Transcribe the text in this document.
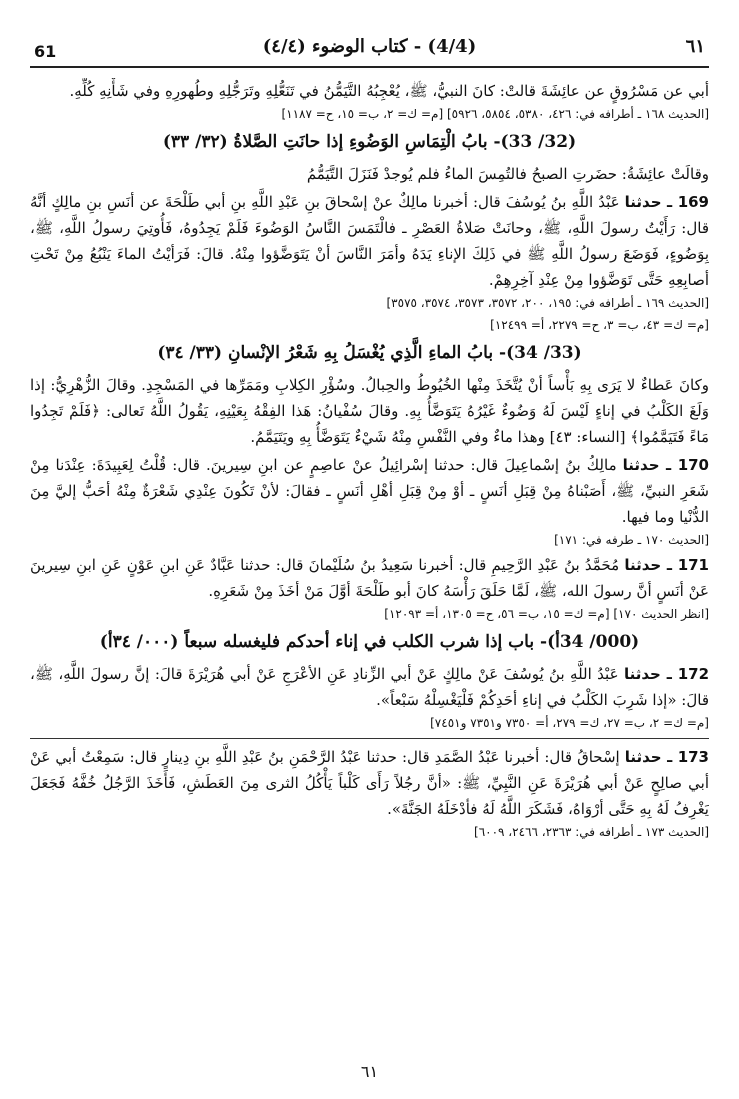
61	(4/4) - كتاب الوضوء (٤/٤)	٦١

أبي عن مَسْرُوقٍ عن عائِشَةَ قالتْ: كانَ النبيُّ، ﷺ، يُعْجِبُهُ التَّيَمُّنُ في تَنَعُّلِهِ وتَرَجُّلِهِ وطُهورِهِ وفي شَأْنِهِ كُلِّهِ.

[الحديث ١٦٨ ـ أطرافه في: ٤٢٦، ٥٣٨٠، ٥٨٥٤، ٥٩٢٦] [م= ك= ٢، ب= ١٥، ح= ١١٨٧]

(32/ 33)- بابُ الْتِمَاسِ الوَضُوءِ إذا حانَتِ الصَّلاةُ (٣٢/ ٣٣)

وقالَتْ عائِشَةُ: حضَرتِ الصبحُ فالتُمِسَ الماءُ فلم يُوجدْ فَنَزَلَ التَّيَمُّمُ

169 ـ حدثنا عَبْدُ اللَّهِ بنُ يُوسُفَ قال: أخبرنا مالِكٌ عنْ إسْحاقَ بنِ عَبْدِ اللَّهِ بنِ أبي طَلْحَةَ عن أنَسِ بنِ مالِكٍ أنَّهُ قال: رَأَيْتُ رسولَ اللَّهِ، ﷺ، وحانَتْ صَلاةُ العَصْرِ ـ فالْتَمَسَ النَّاسُ الوَضُوءَ فَلَمْ يَجِدُوهُ، فَأُوتِيَ رسولُ اللَّهِ، ﷺ، بِوَضُوءٍ، فَوَضَعَ رسولُ اللَّهِ ﷺ في ذَلِكَ الإناءِ يَدَهُ وأمَرَ النَّاسَ أنْ يَتَوَضَّؤوا مِنْهُ. قالَ: فَرَأيْتُ الماءَ يَنْبُعُ مِنْ تَحْتِ أصابِعِهِ حَتَّى تَوَضَّؤوا مِنْ عِنْدِ آخِرِهِمْ.

[الحديث ١٦٩ ـ أطرافه في: ١٩٥، ٢٠٠، ٣٥٧٢، ٣٥٧٣، ٣٥٧٤، ٣٥٧٥]

[م= ك= ٤٣، ب= ٣، ح= ٢٢٧٩، أ= ١٢٤٩٩]

(33/ 34)- بابُ الماءِ الَّذِي يُغْسَلُ بِهِ شَعْرُ الإنْسانِ (٣٣/ ٣٤)

وكانَ عَطاءٌ لا يَرَى بِهِ بَأْساً أنْ يُتَّخَذَ مِنْها الخُيُوطُ والحِبالُ. وسُؤْرِ الكِلابِ ومَمَرِّها في المَسْجِدِ. وقالَ الزُّهْرِيُّ: إذا وَلَغَ الكَلْبُ في إناءٍ لَيْسَ لَهُ وَضُوءٌ غَيْرُهُ يَتَوَضَّأُ بِهِ. وقالَ سُفْيانُ: هَذا الفِقْهُ بِعَيْنِهِ، يَقُولُ اللَّهُ تَعالى: ﴿فَلَمْ تَجِدُوا مَاءً فَتَيَمَّمُوا﴾ [النساء: ٤٣] وهذا ماءٌ وفي النَّفْسِ مِنْهُ شَيْءٌ يَتَوَضَّأُ بِهِ ويَتَيَمَّمُ.

170 ـ حدثنا مالِكُ بنُ إسْماعِيلَ قال: حدثنا إسْرائِيلُ عنْ عاصِمٍ عن ابنِ سِيرينَ. قال: قُلْتُ لِعَبِيدَةَ: عِنْدَنا مِنْ شَعَرِ النبيِّ، ﷺ، أَصَبْناهُ مِنْ قِبَلِ أنَسٍ ـ أوْ مِنْ قِبَلِ أهْلِ أنَسٍ ـ فقالَ: لأنْ تَكُونَ عِنْدِي شَعْرَةٌ مِنْهُ أحَبُّ إليَّ مِنَ الدُّنْيا وما فيها.

[الحديث ١٧٠ ـ طرفه في: ١٧١]

171 ـ حدثنا مُحَمَّدُ بنُ عَبْدِ الرَّحِيمِ قال: أخبرنا سَعِيدُ بنُ سُلَيْمانَ قال: حدثنا عَبَّادٌ عَنِ ابنِ عَوْنٍ عَنِ ابنِ سِيرينَ عَنْ أنَسٍ أنَّ رسولَ الله، ﷺ، لَمَّا حَلَقَ رَأْسَهُ كانَ أبو طَلْحَةَ أوَّلَ مَنْ أخَذَ مِنْ شَعَرِهِ.

[انظر الحديث ١٧٠] [م= ك= ١٥، ب= ٥٦، ح= ١٣٠٥، أ= ١٢٠٩٣]

(000/ 34أ)- باب إذا شرب الكلب في إناء أحدكم فليغسله سبعاً (٠٠٠/ ٣٤أ)

172 ـ حدثنا عَبْدُ اللَّهِ بنُ يُوسُفَ عَنْ مالِكٍ عَنْ أبي الزِّنادِ عَنِ الأعْرَجِ عَنْ أبي هُرَيْرَةَ قالَ: إنَّ رسولَ اللَّهِ، ﷺ، قالَ: «إذا شَرِبَ الكَلْبُ في إناءِ أحَدِكُمْ فَلْيَغْسِلْهُ سَبْعاً».

[م= ك= ٢، ب= ٢٧، ك= ٢٧٩، أ= ٧٣٥٠ و٧٣٥١ و٧٤٥١]

173 ـ حدثنا إسْحاقُ قال: أخبرنا عَبْدُ الصَّمَدِ قال: حدثنا عَبْدُ الرَّحْمَنِ بنُ عَبْدِ اللَّهِ بنِ دِينارٍ قال: سَمِعْتُ أبي عَنْ أبي صالِحٍ عَنْ أبي هُرَيْرَةَ عَنِ النَّبِيِّ، ﷺ: «أنَّ رجُلاً رَأَى كَلْباً يَأْكُلُ الثرى مِنَ العَطَشِ، فَأَخَذَ الرَّجُلُ خُفَّهُ فَجَعَلَ يَغْرِفُ لَهُ بِهِ حَتَّى أرْوَاهُ، فَشَكَرَ اللَّهُ لَهُ فأدْخَلَهُ الجَنَّةَ».

[الحديث ١٧٣ ـ أطرافه في: ٢٣٦٣، ٢٤٦٦، ٦٠٠٩]

٦١
